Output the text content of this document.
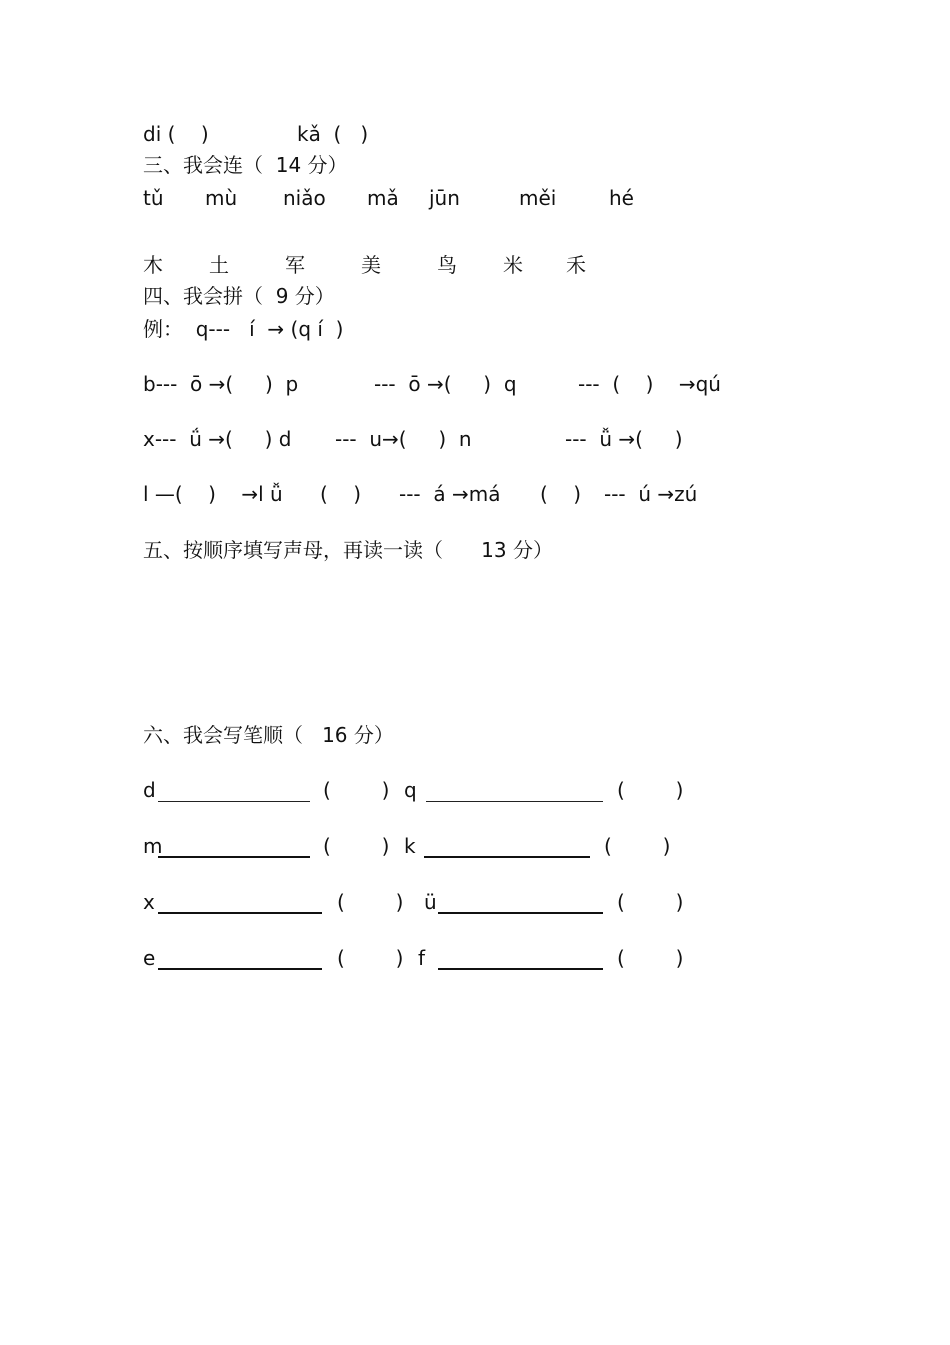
di (    )	kǎ  (   )
三、我会连（  14 分）
tǔ mù niǎo mǎ jūn	měi	hé
木 土	军	美	鸟 米 禾
四、我会拼（  9 分）
例：  q---   í  → (q í  )
b---  ō →(     )  p	---  ō →(     )  q	---  (    )    →qú
x---  ǘ →(     ) d ---  u→(     )  n	---  ǚ →(     )
l —(    )    →l ǚ (    ) ---  á →má (    ) ---  ú →zú
五、按顺序填写声母，再读一读（      13 分）
六、我会写笔顺（   16 分）
d	(        ) q	(        )
m	(        ) k	(        )
x	(        ) ü	(        )
e	(        ) f	(        )
